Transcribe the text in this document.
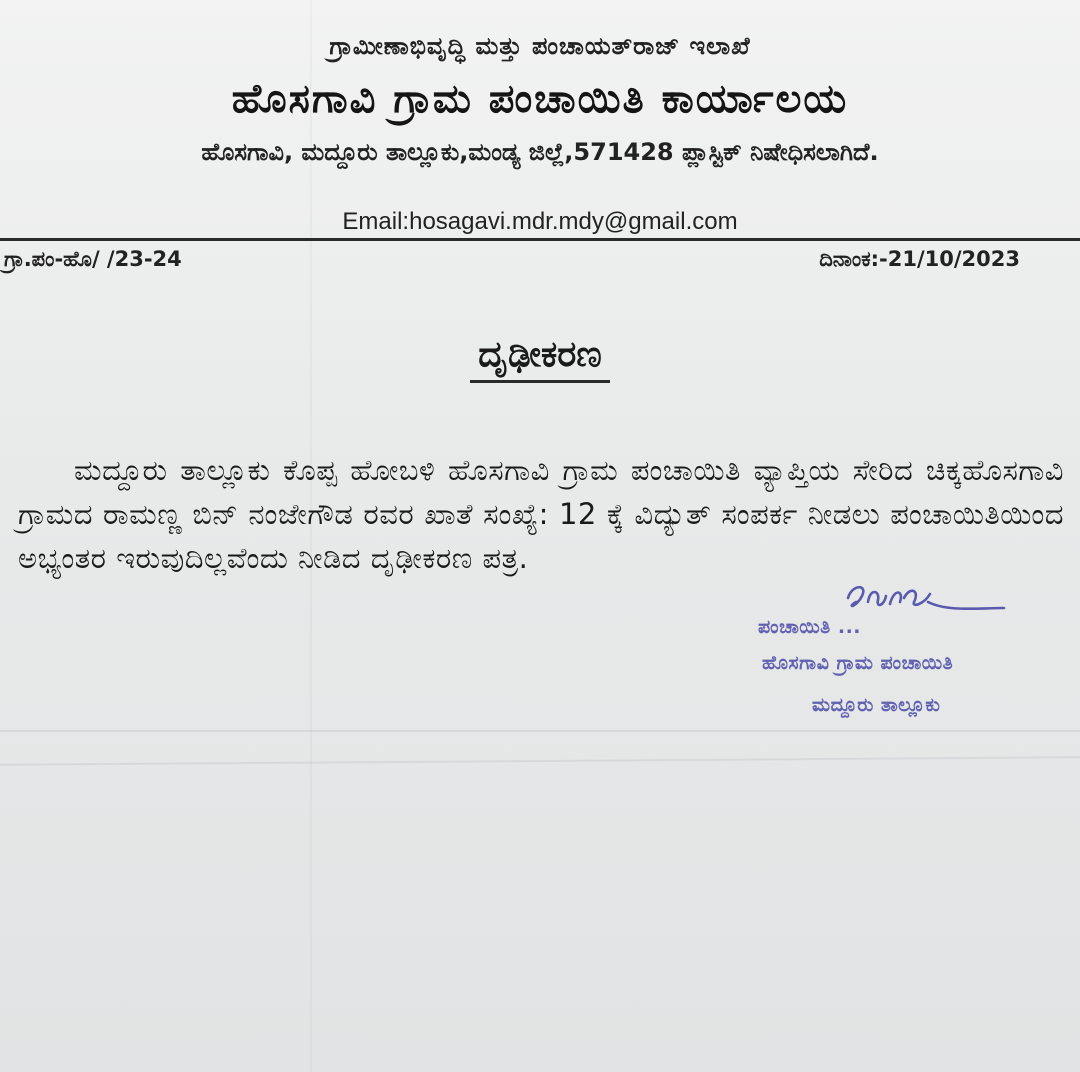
ಗ್ರಾಮೀಣಾಭಿವೃದ್ಧಿ ಮತ್ತು ಪಂಚಾಯತ್‌ರಾಜ್ ಇಲಾಖೆ
ಹೊಸಗಾವಿ ಗ್ರಾಮ ಪಂಚಾಯಿತಿ ಕಾರ್ಯಾಲಯ
ಹೊಸಗಾವಿ, ಮದ್ದೂರು ತಾಲ್ಲೂಕು,ಮಂಡ್ಯ ಜಿಲ್ಲೆ,571428 ಪ್ಲಾಸ್ಟಿಕ್ ನಿಷೇಧಿಸಲಾಗಿದೆ.
Email:hosagavi.mdr.mdy@gmail.com
ಗ್ರಾ.ಪಂ-ಹೊ/ /23-24	ದಿನಾಂಕ:-21/10/2023
ದೃಢೀಕರಣ
ಮದ್ದೂರು ತಾಲ್ಲೂಕು ಕೊಪ್ಪ ಹೋಬಳಿ ಹೊಸಗಾವಿ ಗ್ರಾಮ ಪಂಚಾಯಿತಿ ವ್ಯಾಪ್ತಿಯ ಸೇರಿದ ಚಿಕ್ಕಹೊಸಗಾವಿ ಗ್ರಾಮದ ರಾಮಣ್ಣ ಬಿನ್ ನಂಜೇಗೌಡ ರವರ ಖಾತೆ ಸಂಖ್ಯೆ: 12 ಕ್ಕೆ ವಿದ್ಯುತ್ ಸಂಪರ್ಕ ನೀಡಲು ಪಂಚಾಯಿತಿಯಿಂದ ಅಭ್ಯಂತರ ಇರುವುದಿಲ್ಲವೆಂದು ನೀಡಿದ ದೃಢೀಕರಣ ಪತ್ರ.
ಪಂಚಾಯಿತಿ ...
ಹೊಸಗಾವಿ ಗ್ರಾಮ ಪಂಚಾಯಿತಿ
ಮದ್ದೂರು ತಾಲ್ಲೂಕು
